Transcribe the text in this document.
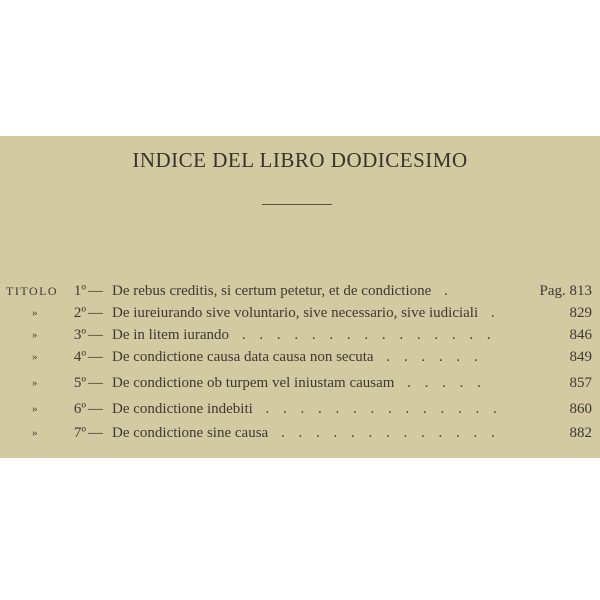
INDICE DEL LIBRO DODICESIMO
TITOLO	1º — De rebus creditis, si certum petetur, et de condictione .	Pag. 813
»	2º — De iureiurando sive voluntario, sive necessario, sive iudiciali .	829
»	3º — De in litem iurando . . . . . . . . . . . . . . .	846
»	4º — De condictione causa data causa non secuta . . . . . .	849
»	5º — De condictione ob turpem vel iniustam causam . . . . .	857
»	6º — De condictione indebiti . . . . . . . . . . . . . .	860
»	7º — De condictione sine causa . . . . . . . . . . . . .	882
